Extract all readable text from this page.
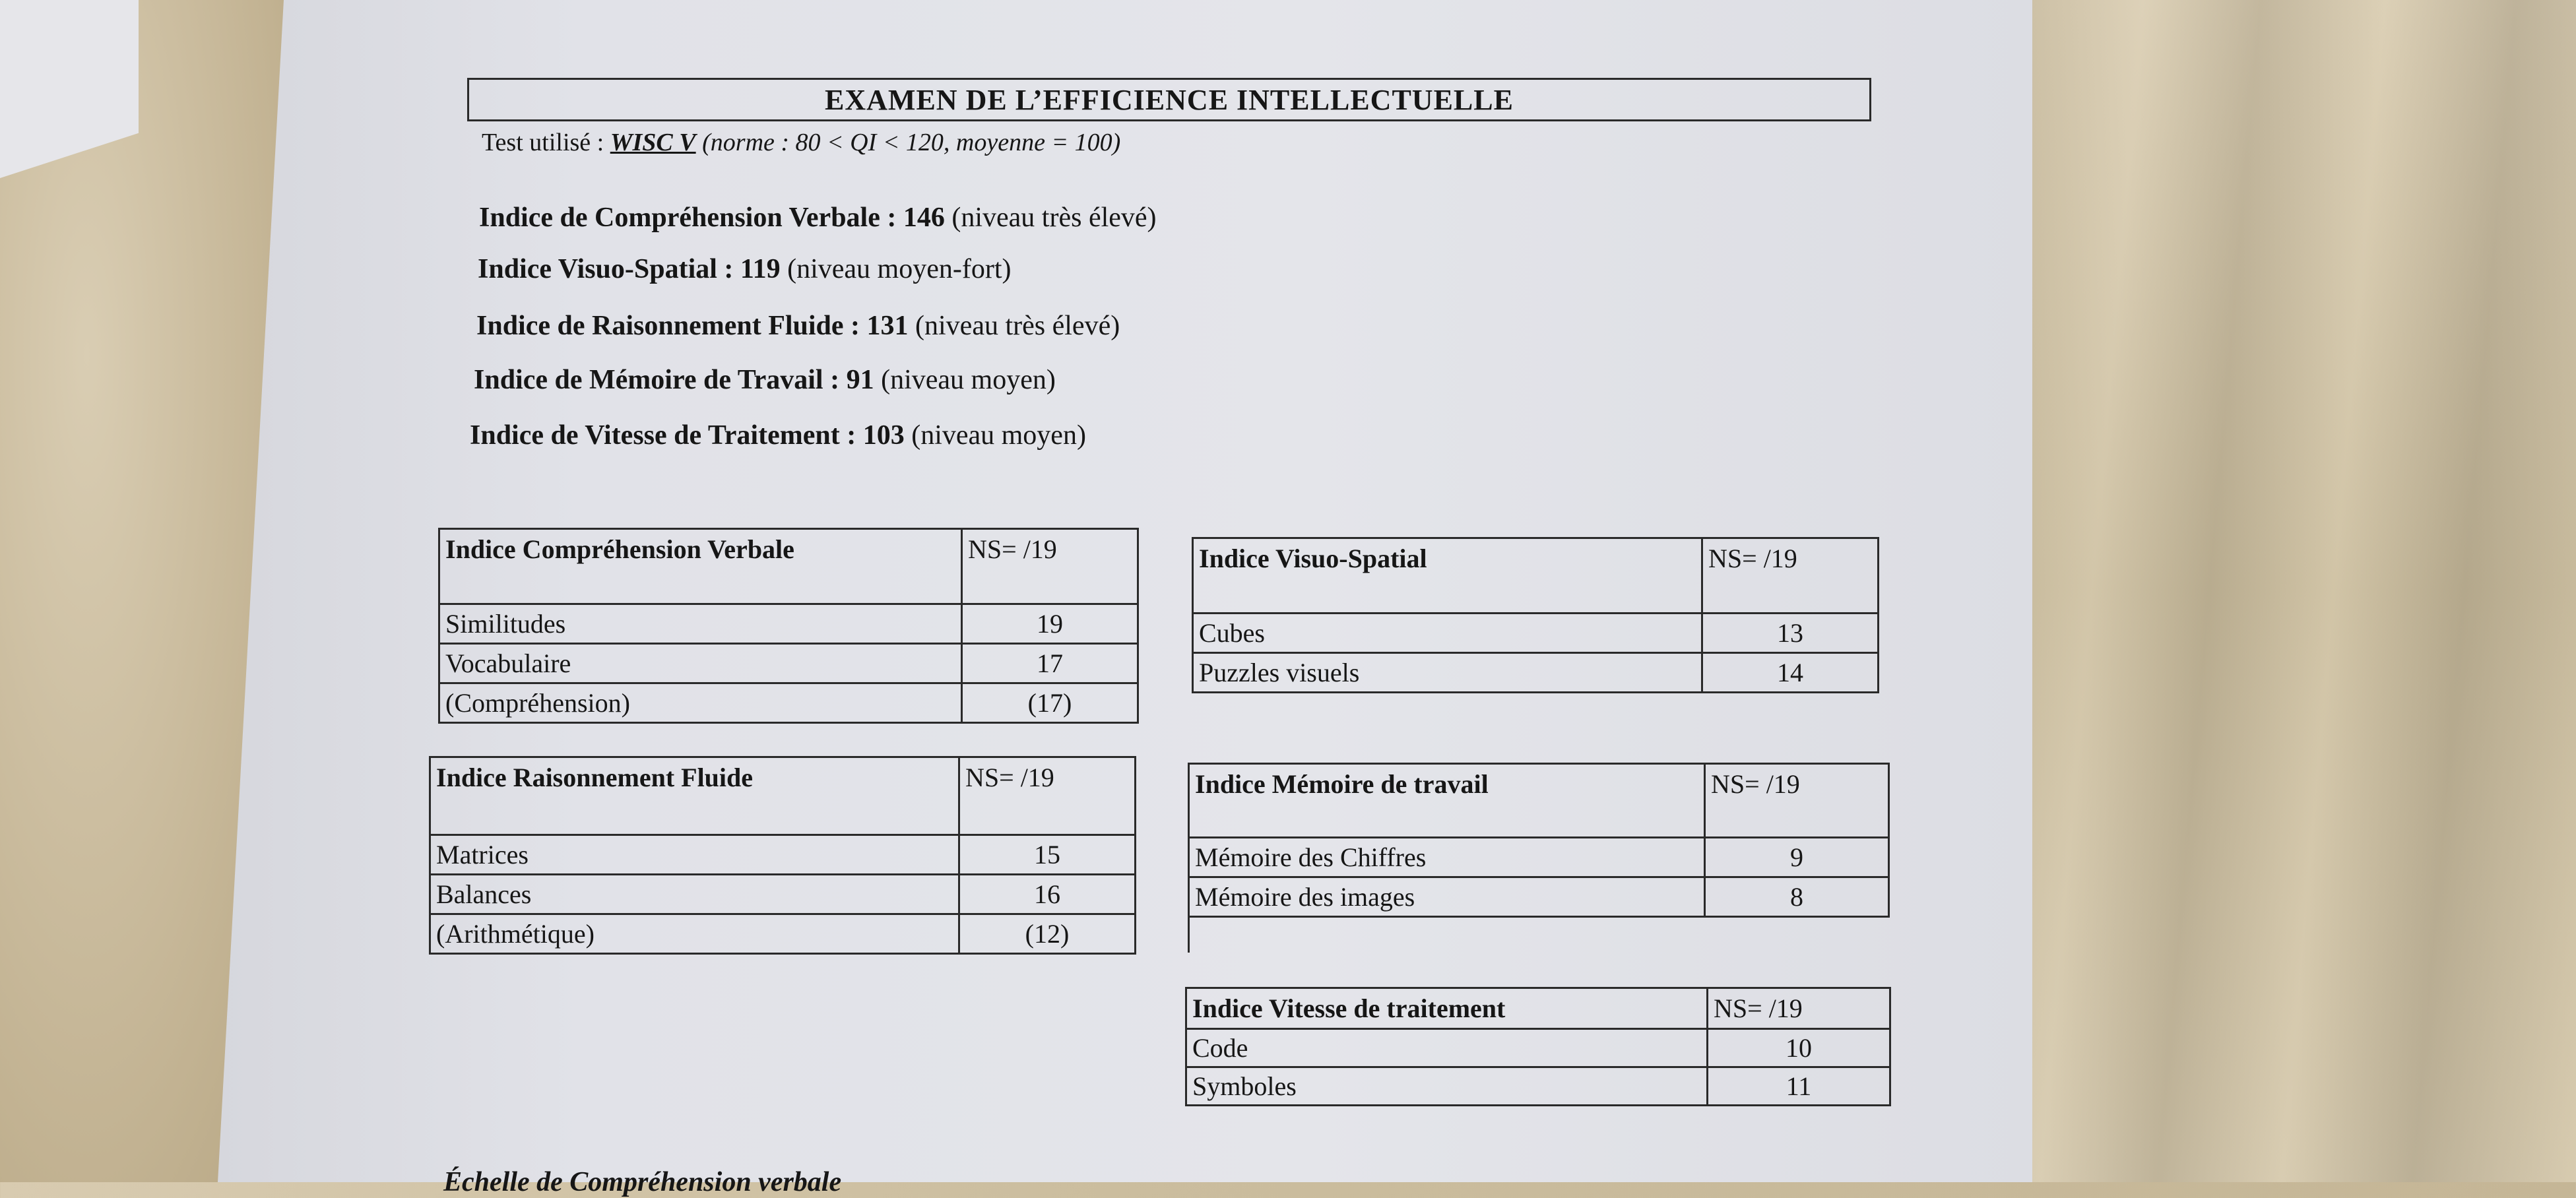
EXAMEN DE L’EFFICIENCE INTELLECTUELLE
Test utilisé : WISC V (norme : 80 < QI < 120, moyenne = 100)
Indice de Compréhension Verbale : 146 (niveau très élevé)
Indice Visuo-Spatial : 119 (niveau moyen-fort)
Indice de Raisonnement Fluide : 131 (niveau très élevé)
Indice de Mémoire de Travail : 91 (niveau moyen)
Indice de Vitesse de Traitement : 103 (niveau moyen)
Indice Compréhension Verbale	NS= /19
Similitudes	19
Vocabulaire	17
(Compréhension)	(17)
Indice Visuo-Spatial	NS= /19
Cubes	13
Puzzles visuels	14
Indice Raisonnement Fluide	NS= /19
Matrices	15
Balances	16
(Arithmétique)	(12)
Indice Mémoire de travail	NS= /19
Mémoire des Chiffres	9
Mémoire des images	8
Indice Vitesse de traitement	NS= /19
Code	10
Symboles	11
Échelle de Compréhension verbale
